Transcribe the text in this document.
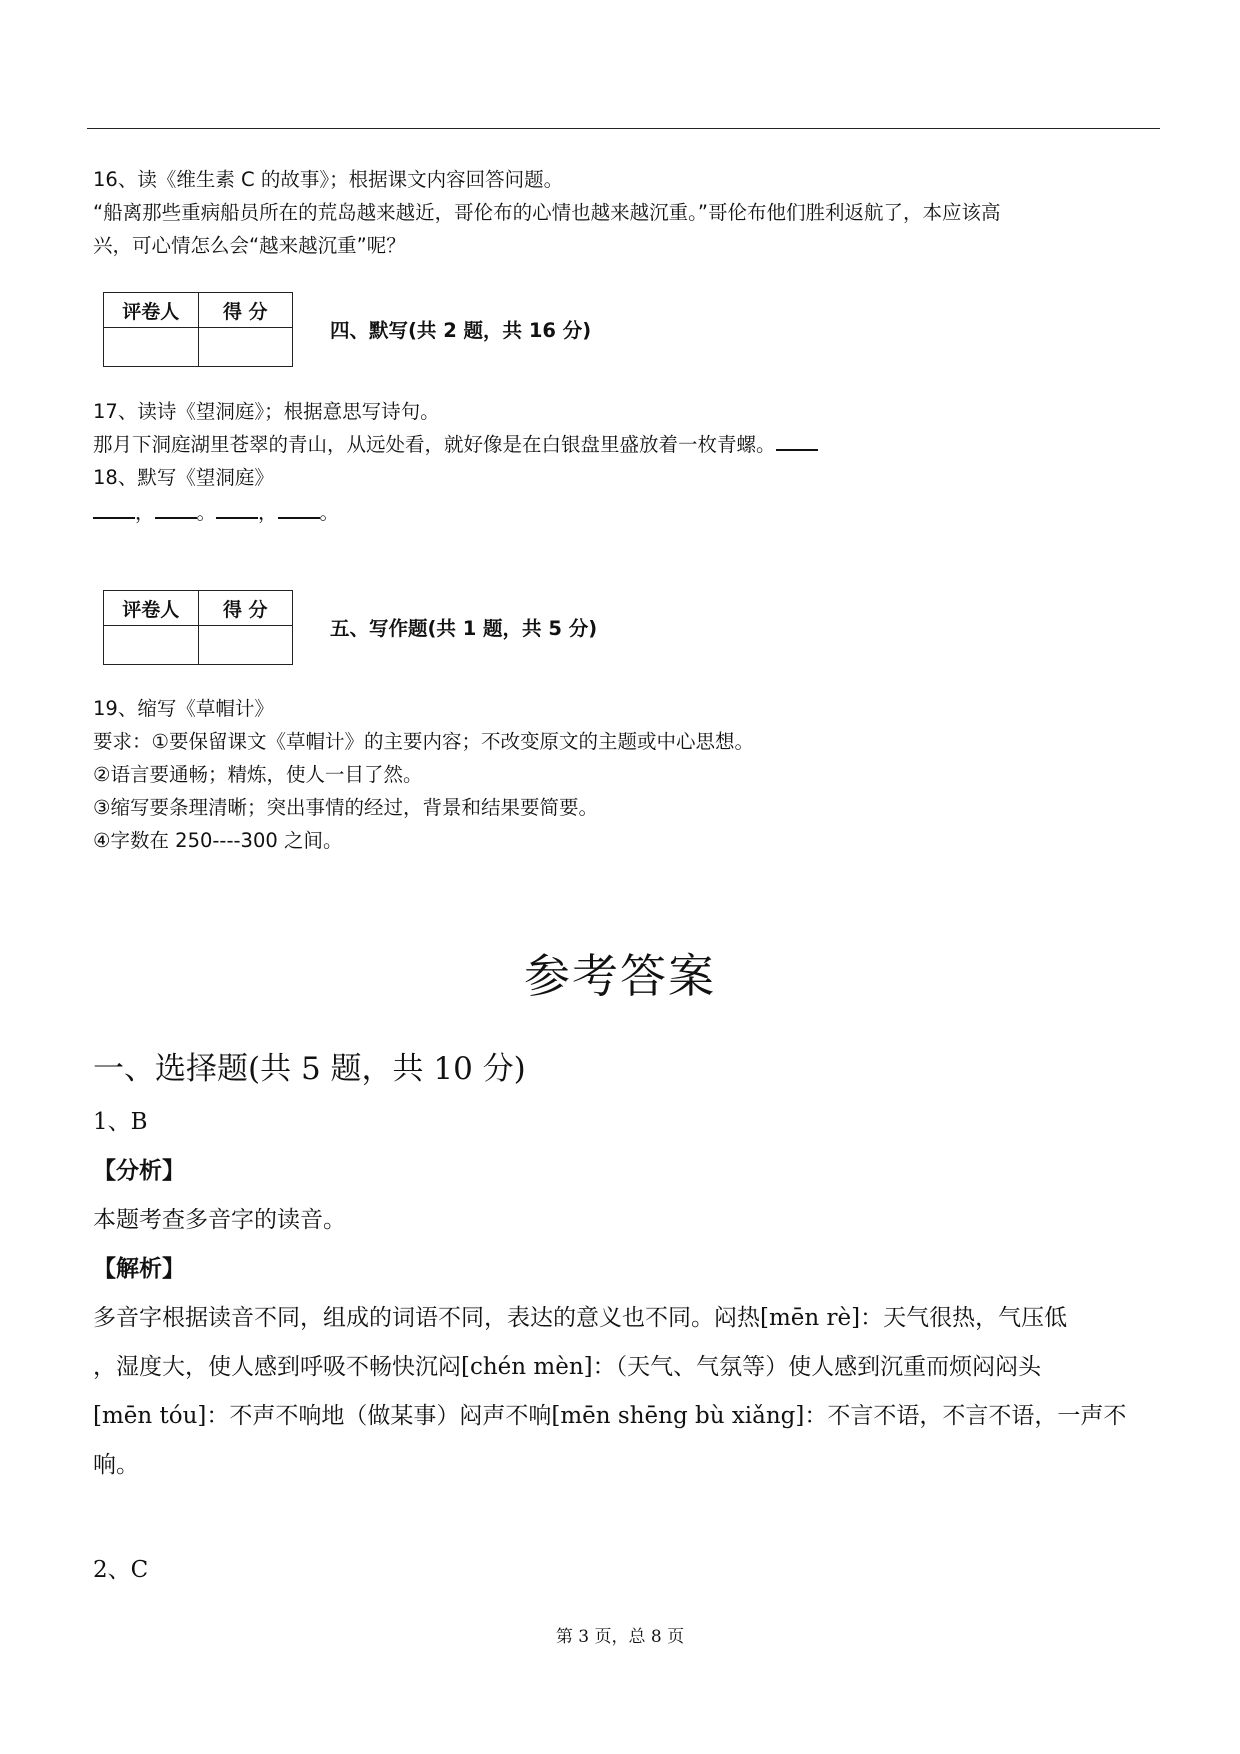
16、读《维生素 C 的故事》；根据课文内容回答问题。
“船离那些重病船员所在的荒岛越来越近，哥伦布的心情也越来越沉重。”哥伦布他们胜利返航了，本应该高
兴，可心情怎么会“越来越沉重”呢？
评卷人	得 分

四、默写(共 2 题，共 16 分)
17、读诗《望洞庭》；根据意思写诗句。
那月下洞庭湖里苍翠的青山，从远处看，就好像是在白银盘里盛放着一枚青螺。
18、默写《望洞庭》
， 。 ， 。
评卷人	得 分

五、写作题(共 1 题，共 5 分)
19、缩写《草帽计》
要求：①要保留课文《草帽计》的主要内容；不改变原文的主题或中心思想。
②语言要通畅；精炼，使人一目了然。
③缩写要条理清晰；突出事情的经过，背景和结果要简要。
④字数在 250----300 之间。
参考答案
一、选择题(共 5 题，共 10 分)
1、B
【分析】
本题考查多音字的读音。
【解析】
多音字根据读音不同，组成的词语不同，表达的意义也不同。闷热[mēn rè]：天气很热，气压低
，湿度大，使人感到呼吸不畅快沉闷[chén mèn]：（天气、气氛等）使人感到沉重而烦闷闷头
[mēn tóu]：不声不响地（做某事）闷声不响[mēn shēng bù xiǎng]：不言不语，不言不语，一声不
响。
2、C
第 3 页，总 8 页
